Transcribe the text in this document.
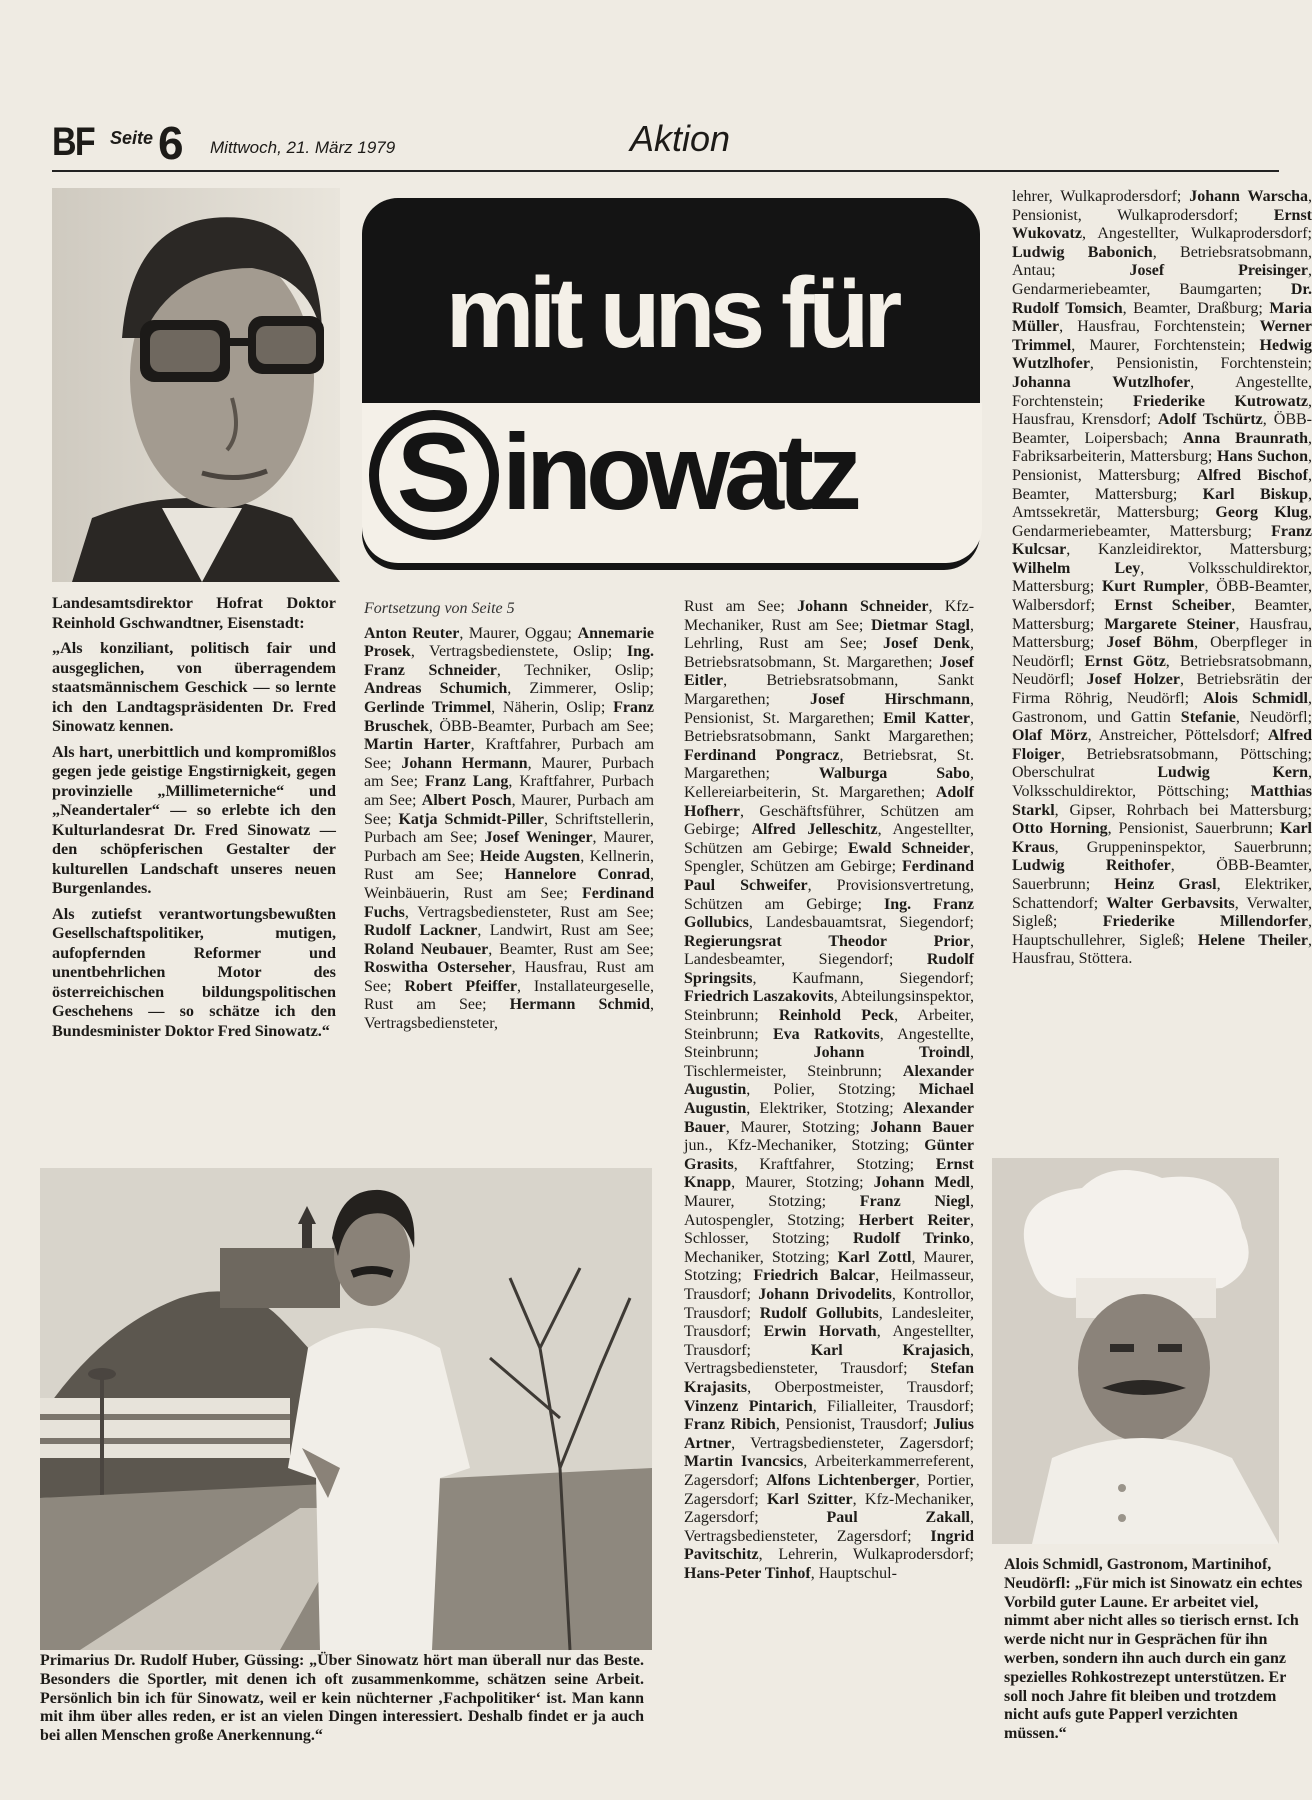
BF Seite 6 Mittwoch, 21. März 1979	Aktion
mit uns für
S inowatz

Landesamtsdirektor Hofrat Doktor Reinhold Gschwandtner, Eisenstadt:

„Als konziliant, politisch fair und ausgeglichen, von überragendem staatsmännischem Geschick — so lernte ich den Landtagspräsidenten Dr. Fred Sinowatz kennen.

Als hart, unerbittlich und kompromißlos gegen jede geistige Engstirnigkeit, gegen provinzielle „Millimeterniche“ und „Neandertaler“ — so erlebte ich den Kulturlandesrat Dr. Fred Sinowatz — den schöpferischen Gestalter der kulturellen Landschaft unseres neuen Burgenlandes.

Als zutiefst verantwortungsbewußten Gesellschaftspolitiker, mutigen, aufopfernden Reformer und unentbehrlichen Motor des österreichischen bildungspolitischen Geschehens — so schätze ich den Bundesminister Doktor Fred Sinowatz.“

Fortsetzung von Seite 5
Anton Reuter, Maurer, Oggau; Annemarie Prosek, Vertragsbedienstete, Oslip; Ing. Franz Schneider, Techniker, Oslip; Andreas Schumich, Zimmerer, Oslip; Gerlinde Trimmel, Näherin, Oslip; Franz Bruschek, ÖBB-Beamter, Purbach am See; Martin Harter, Kraftfahrer, Purbach am See; Johann Hermann, Maurer, Purbach am See; Franz Lang, Kraftfahrer, Purbach am See; Albert Posch, Maurer, Purbach am See; Katja Schmidt-Piller, Schriftstellerin, Purbach am See; Josef Weninger, Maurer, Purbach am See; Heide Augsten, Kellnerin, Rust am See; Hannelore Conrad, Weinbäuerin, Rust am See; Ferdinand Fuchs, Vertragsbediensteter, Rust am See; Rudolf Lackner, Landwirt, Rust am See; Roland Neubauer, Beamter, Rust am See; Roswitha Osterseher, Hausfrau, Rust am See; Robert Pfeiffer, Installateurgeselle, Rust am See; Hermann Schmid, Vertragsbediensteter,
Rust am See; Johann Schneider, Kfz-Mechaniker, Rust am See; Dietmar Stagl, Lehrling, Rust am See; Josef Denk, Betriebsratsobmann, St. Margarethen; Josef Eitler, Betriebsratsobmann, Sankt Margarethen; Josef Hirschmann, Pensionist, St. Margarethen; Emil Katter, Betriebsratsobmann, Sankt Margarethen; Ferdinand Pongracz, Betriebsrat, St. Margarethen; Walburga Sabo, Kellereiarbeiterin, St. Margarethen; Adolf Hofherr, Geschäftsführer, Schützen am Gebirge; Alfred Jelleschitz, Angestellter, Schützen am Gebirge; Ewald Schneider, Spengler, Schützen am Gebirge; Ferdinand Paul Schweifer, Provisionsvertretung, Schützen am Gebirge; Ing. Franz Gollubics, Landesbauamtsrat, Siegendorf; Regierungsrat Theodor Prior, Landesbeamter, Siegendorf; Rudolf Springsits, Kaufmann, Siegendorf; Friedrich Laszakovits, Abteilungsinspektor, Steinbrunn; Reinhold Peck, Arbeiter, Steinbrunn; Eva Ratkovits, Angestellte, Steinbrunn; Johann Troindl, Tischlermeister, Steinbrunn; Alexander Augustin, Polier, Stotzing; Michael Augustin, Elektriker, Stotzing; Alexander Bauer, Maurer, Stotzing; Johann Bauer jun., Kfz-Mechaniker, Stotzing; Günter Grasits, Kraftfahrer, Stotzing; Ernst Knapp, Maurer, Stotzing; Johann Medl, Maurer, Stotzing; Franz Niegl, Autospengler, Stotzing; Herbert Reiter, Schlosser, Stotzing; Rudolf Trinko, Mechaniker, Stotzing; Karl Zottl, Maurer, Stotzing; Friedrich Balcar, Heilmasseur, Trausdorf; Johann Drivodelits, Kontrollor, Trausdorf; Rudolf Gollubits, Landesleiter, Trausdorf; Erwin Horvath, Angestellter, Trausdorf; Karl Krajasich, Vertragsbediensteter, Trausdorf; Stefan Krajasits, Oberpostmeister, Trausdorf; Vinzenz Pintarich, Filialleiter, Trausdorf; Franz Ribich, Pensionist, Trausdorf; Julius Artner, Vertragsbediensteter, Zagersdorf; Martin Ivancsics, Arbeiterkammerreferent, Zagersdorf; Alfons Lichtenberger, Portier, Zagersdorf; Karl Szitter, Kfz-Mechaniker, Zagersdorf; Paul Zakall, Vertragsbediensteter, Zagersdorf; Ingrid Pavitschitz, Lehrerin, Wulkaprodersdorf; Hans-Peter Tinhof, Hauptschul-
lehrer, Wulkaprodersdorf; Johann Warscha, Pensionist, Wulkaprodersdorf; Ernst Wukovatz, Angestellter, Wulkaprodersdorf; Ludwig Babonich, Betriebsratsobmann, Antau; Josef Preisinger, Gendarmeriebeamter, Baumgarten; Dr. Rudolf Tomsich, Beamter, Draßburg; Maria Müller, Hausfrau, Forchtenstein; Werner Trimmel, Maurer, Forchtenstein; Hedwig Wutzlhofer, Pensionistin, Forchtenstein; Johanna Wutzlhofer, Angestellte, Forchtenstein; Friederike Kutrowatz, Hausfrau, Krensdorf; Adolf Tschürtz, ÖBB-Beamter, Loipersbach; Anna Braunrath, Fabriksarbeiterin, Mattersburg; Hans Suchon, Pensionist, Mattersburg; Alfred Bischof, Beamter, Mattersburg; Karl Biskup, Amtssekretär, Mattersburg; Georg Klug, Gendarmeriebeamter, Mattersburg; Franz Kulcsar, Kanzleidirektor, Mattersburg; Wilhelm Ley, Volksschuldirektor, Mattersburg; Kurt Rumpler, ÖBB-Beamter, Walbersdorf; Ernst Scheiber, Beamter, Mattersburg; Margarete Steiner, Hausfrau, Mattersburg; Josef Böhm, Oberpfleger in Neudörfl; Ernst Götz, Betriebsratsobmann, Neudörfl; Josef Holzer, Betriebsrätin der Firma Röhrig, Neudörfl; Alois Schmidl, Gastronom, und Gattin Stefanie, Neudörfl; Olaf Mörz, Anstreicher, Pöttelsdorf; Alfred Floiger, Betriebsratsobmann, Pöttsching; Oberschulrat Ludwig Kern, Volksschuldirektor, Pöttsching; Matthias Starkl, Gipser, Rohrbach bei Mattersburg; Otto Horning, Pensionist, Sauerbrunn; Karl Kraus, Gruppeninspektor, Sauerbrunn; Ludwig Reithofer, ÖBB-Beamter, Sauerbrunn; Heinz Grasl, Elektriker, Schattendorf; Walter Gerbavsits, Verwalter, Sigleß; Friederike Millendorfer, Hauptschullehrer, Sigleß; Helene Theiler, Hausfrau, Stöttera.
Primarius Dr. Rudolf Huber, Güssing: „Über Sinowatz hört man überall nur das Beste. Besonders die Sportler, mit denen ich oft zusammenkomme, schätzen seine Arbeit. Persönlich bin ich für Sinowatz, weil er kein nüchterner ‚Fachpolitiker‘ ist. Man kann mit ihm über alles reden, er ist an vielen Dingen interessiert. Deshalb findet er ja auch bei allen Menschen große Anerkennung.“
Alois Schmidl, Gastronom, Martinihof, Neudörfl: „Für mich ist Sinowatz ein echtes Vorbild guter Laune. Er arbeitet viel, nimmt aber nicht alles so tierisch ernst. Ich werde nicht nur in Gesprächen für ihn werben, sondern ihn auch durch ein ganz spezielles Rohkostrezept unterstützen. Er soll noch Jahre fit bleiben und trotzdem nicht aufs gute Papperl verzichten müssen.“
